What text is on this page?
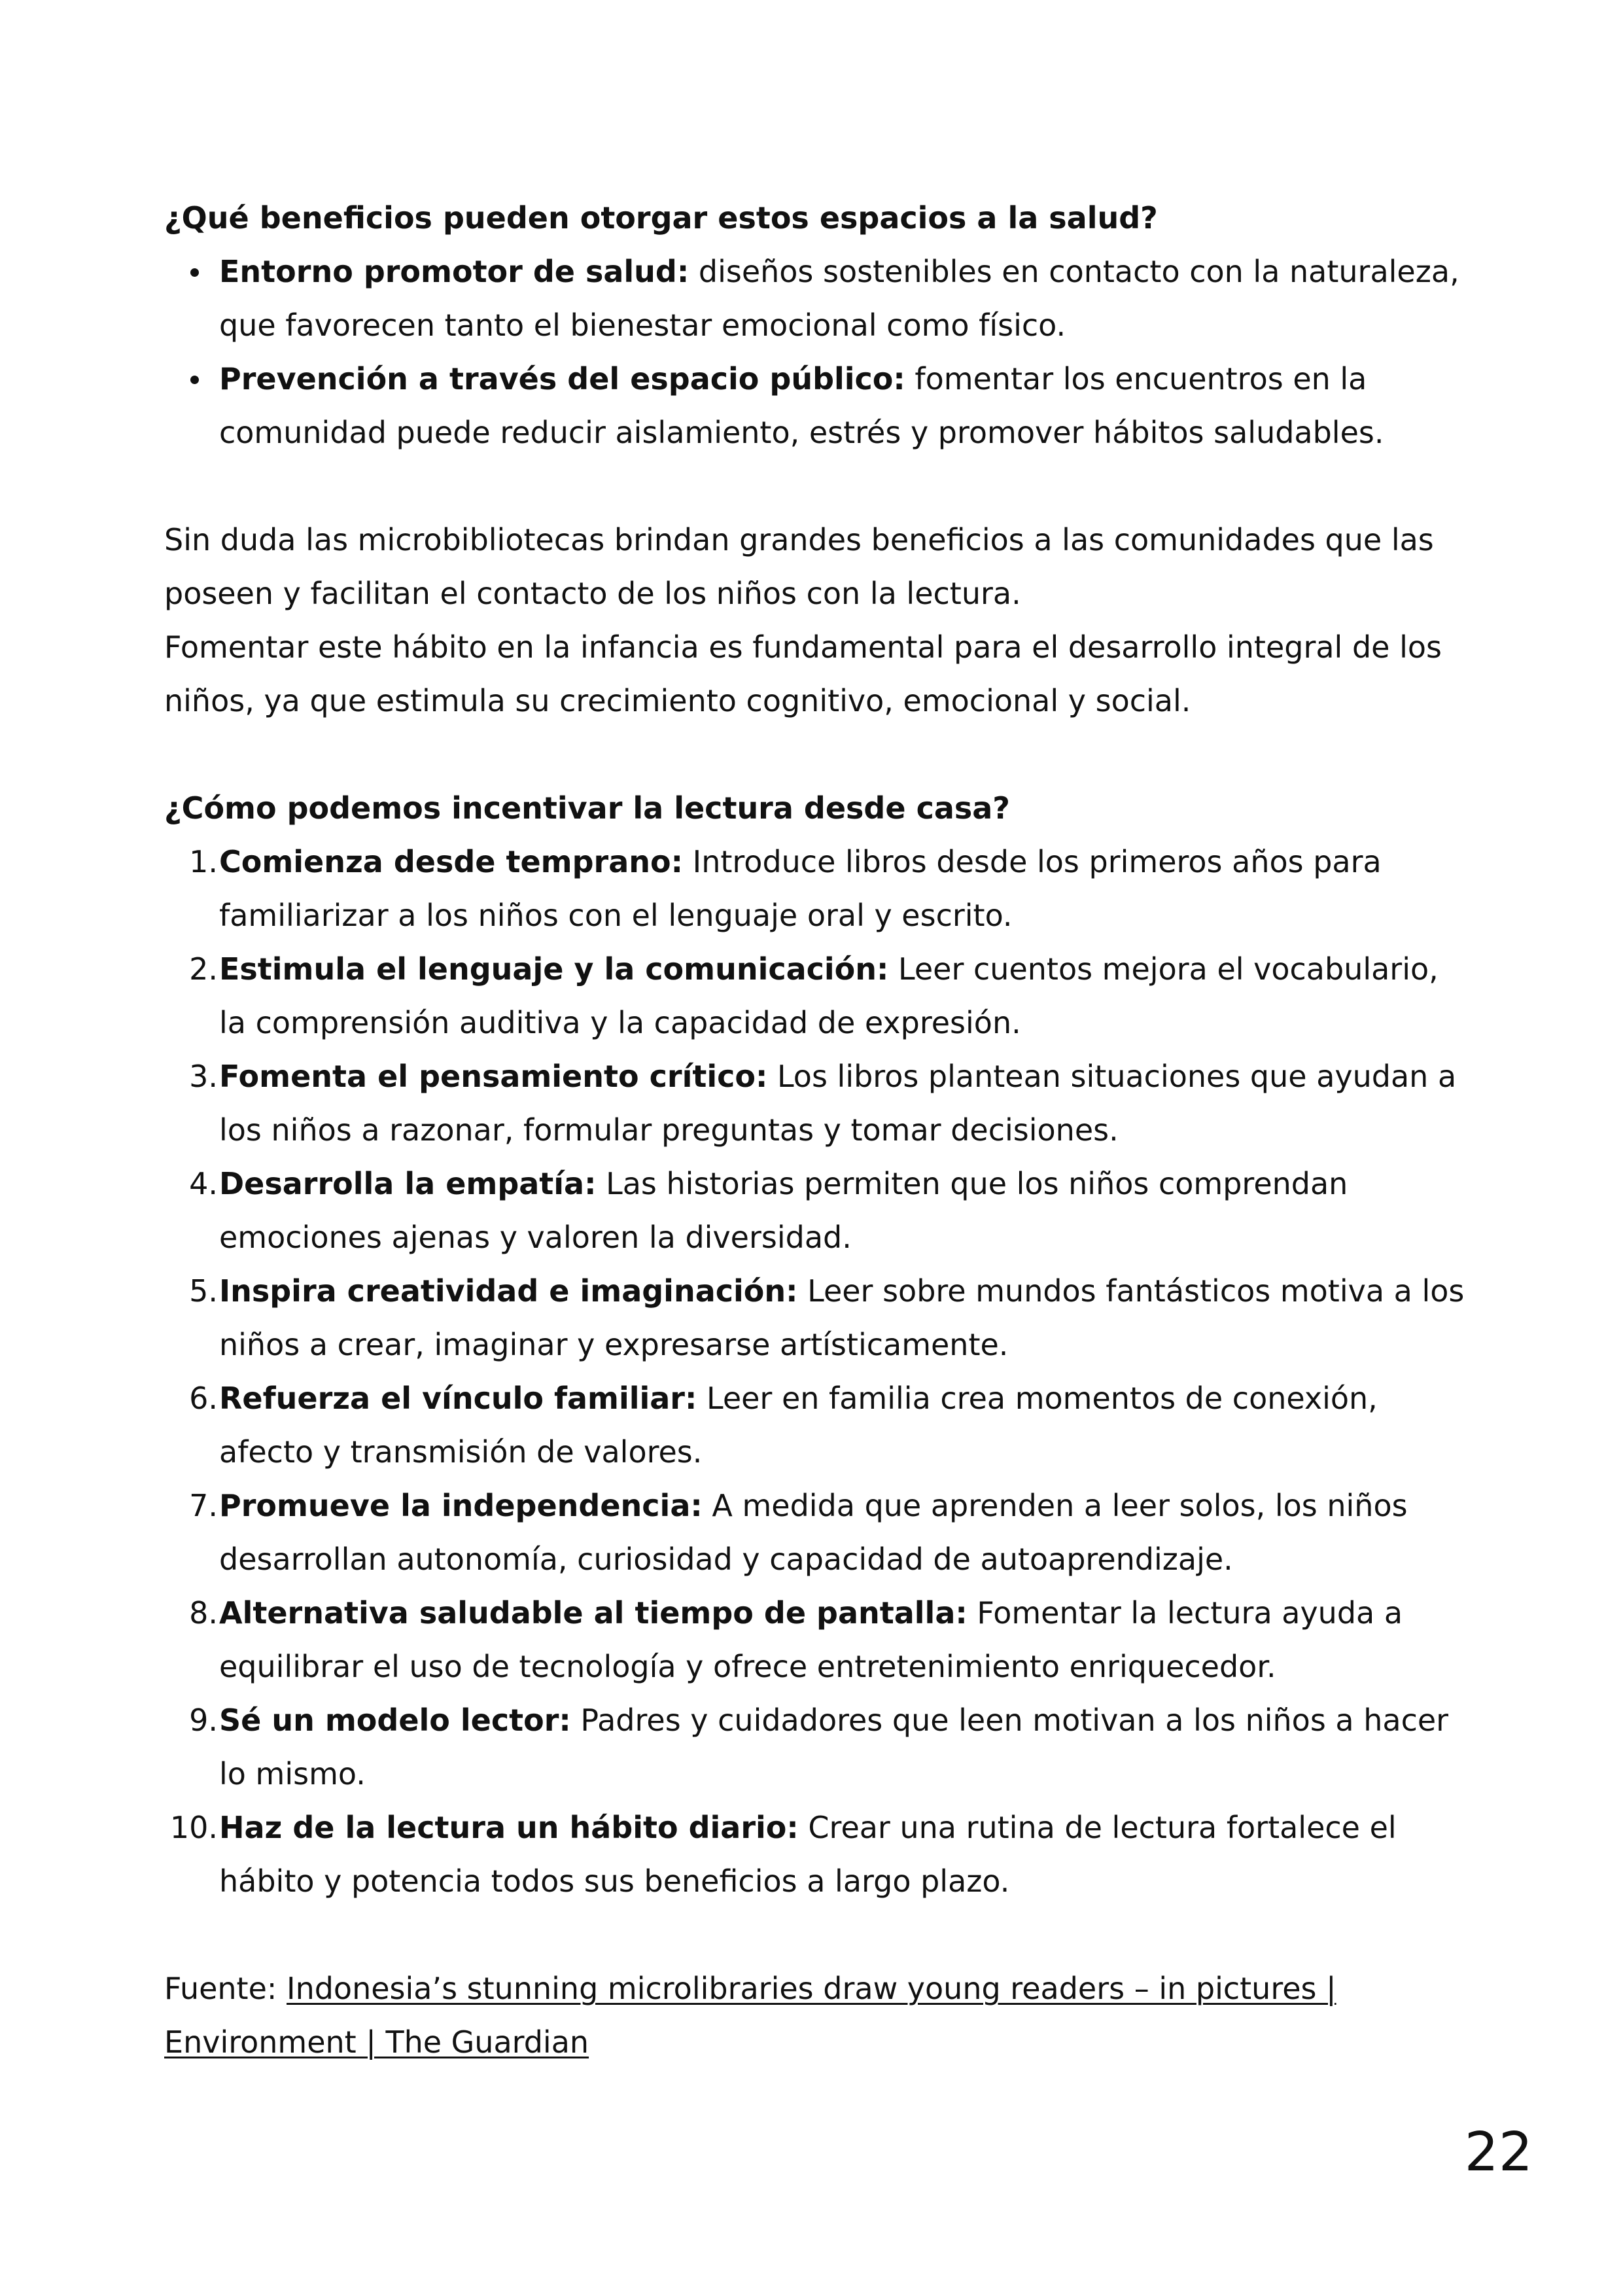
¿Qué beneficios pueden otorgar estos espacios a la salud?

Entorno promotor de salud: diseños sostenibles en contacto con la naturaleza, que favorecen tanto el bienestar emocional como físico.
Prevención a través del espacio público: fomentar los encuentros en la comunidad puede reducir aislamiento, estrés y promover hábitos saludables.

Sin duda las microbibliotecas brindan grandes beneficios a las comunidades que las poseen y facilitan el contacto de los niños con la lectura.
Fomentar este hábito en la infancia es fundamental para el desarrollo integral de los niños, ya que estimula su crecimiento cognitivo, emocional y social.

¿Cómo podemos incentivar la lectura desde casa?

1. Comienza desde temprano: Introduce libros desde los primeros años para familiarizar a los niños con el lenguaje oral y escrito.
2. Estimula el lenguaje y la comunicación: Leer cuentos mejora el vocabulario, la comprensión auditiva y la capacidad de expresión.
3. Fomenta el pensamiento crítico: Los libros plantean situaciones que ayudan a los niños a razonar, formular preguntas y tomar decisiones.
4. Desarrolla la empatía: Las historias permiten que los niños comprendan emociones ajenas y valoren la diversidad.
5. Inspira creatividad e imaginación: Leer sobre mundos fantásticos motiva a los niños a crear, imaginar y expresarse artísticamente.
6. Refuerza el vínculo familiar: Leer en familia crea momentos de conexión, afecto y transmisión de valores.
7. Promueve la independencia: A medida que aprenden a leer solos, los niños desarrollan autonomía, curiosidad y capacidad de autoaprendizaje.
8. Alternativa saludable al tiempo de pantalla: Fomentar la lectura ayuda a equilibrar el uso de tecnología y ofrece entretenimiento enriquecedor.
9. Sé un modelo lector: Padres y cuidadores que leen motivan a los niños a hacer lo mismo.
10. Haz de la lectura un hábito diario: Crear una rutina de lectura fortalece el hábito y potencia todos sus beneficios a largo plazo.

Fuente: Indonesia’s stunning microlibraries draw young readers – in pictures | Environment | The Guardian

22
